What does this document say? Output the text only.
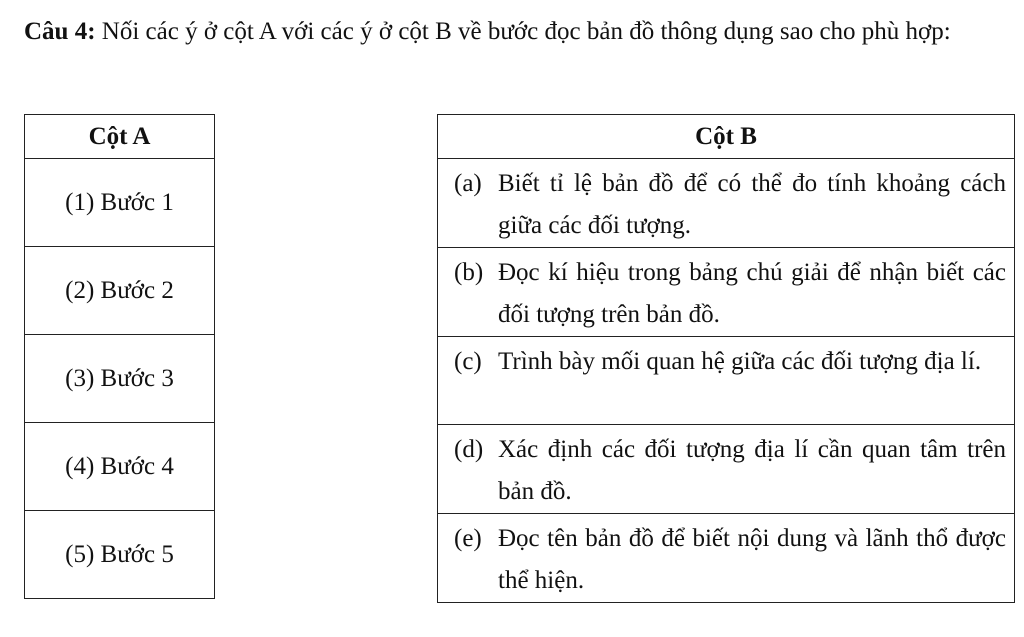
Câu 4: Nối các ý ở cột A với các ý ở cột B về bước đọc bản đồ thông dụng sao cho phù hợp:
Cột A
(1) Bước 1
(2) Bước 2
(3) Bước 3
(4) Bước 4
(5) Bước 5
Cột B

(a) Biết tỉ lệ bản đồ để có thể đo tính khoảng cách giữa các đối tượng.

(b) Đọc kí hiệu trong bảng chú giải để nhận biết các đối tượng trên bản đồ.

(c) Trình bày mối quan hệ giữa các đối tượng địa lí.

(d) Xác định các đối tượng địa lí cần quan tâm trên bản đồ.

(e) Đọc tên bản đồ để biết nội dung và lãnh thổ được thể hiện.
